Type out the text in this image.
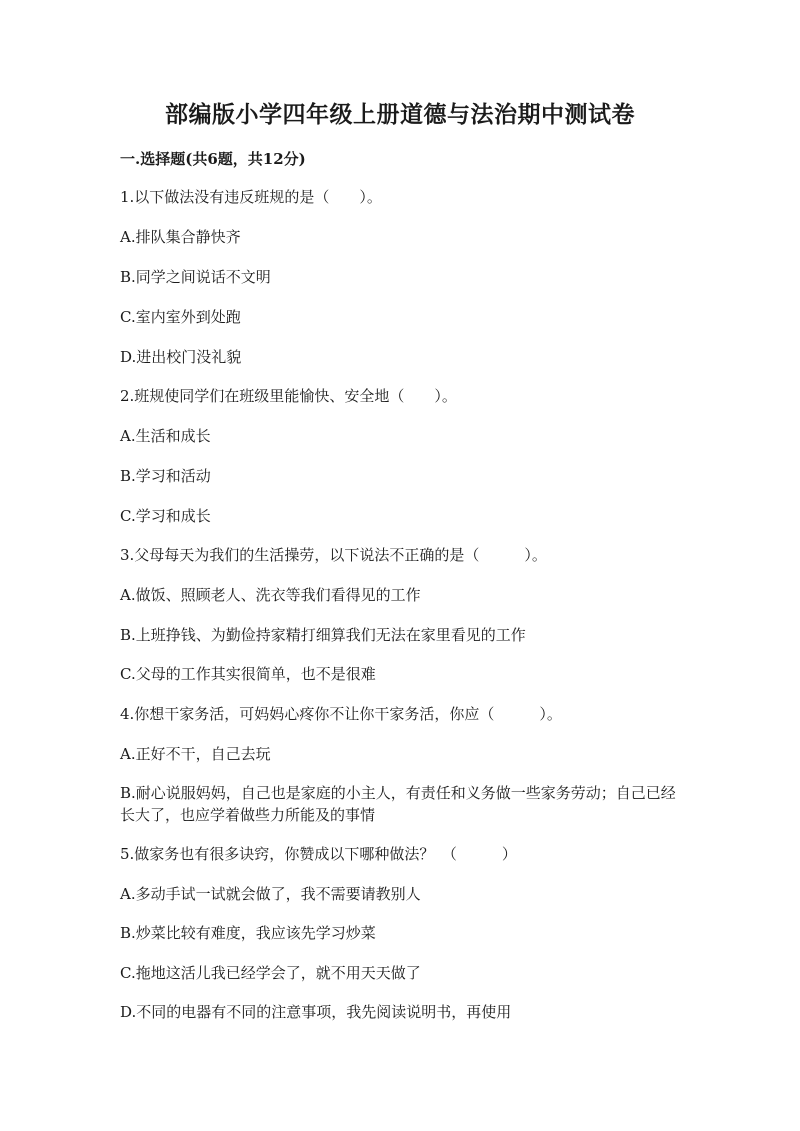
部编版小学四年级上册道德与法治期中测试卷
一.选择题(共6题，共12分)
1.以下做法没有违反班规的是（　　）。
A.排队集合静快齐
B.同学之间说话不文明
C.室内室外到处跑
D.进出校门没礼貌
2.班规使同学们在班级里能愉快、安全地（　　）。
A.生活和成长
B.学习和活动
C.学习和成长
3.父母每天为我们的生活操劳，以下说法不正确的是（　　　）。
A.做饭、照顾老人、洗衣等我们看得见的工作
B.上班挣钱、为勤俭持家精打细算我们无法在家里看见的工作
C.父母的工作其实很简单，也不是很难
4.你想干家务活，可妈妈心疼你不让你干家务活，你应（　　　）。
A.正好不干，自己去玩
B.耐心说服妈妈，自己也是家庭的小主人，有责任和义务做一些家务劳动；自己已经长大了，也应学着做些力所能及的事情
5.做家务也有很多诀窍，你赞成以下哪种做法？　（　　　）
A.多动手试一试就会做了，我不需要请教别人
B.炒菜比较有难度，我应该先学习炒菜
C.拖地这活儿我已经学会了，就不用天天做了
D.不同的电器有不同的注意事项，我先阅读说明书，再使用
